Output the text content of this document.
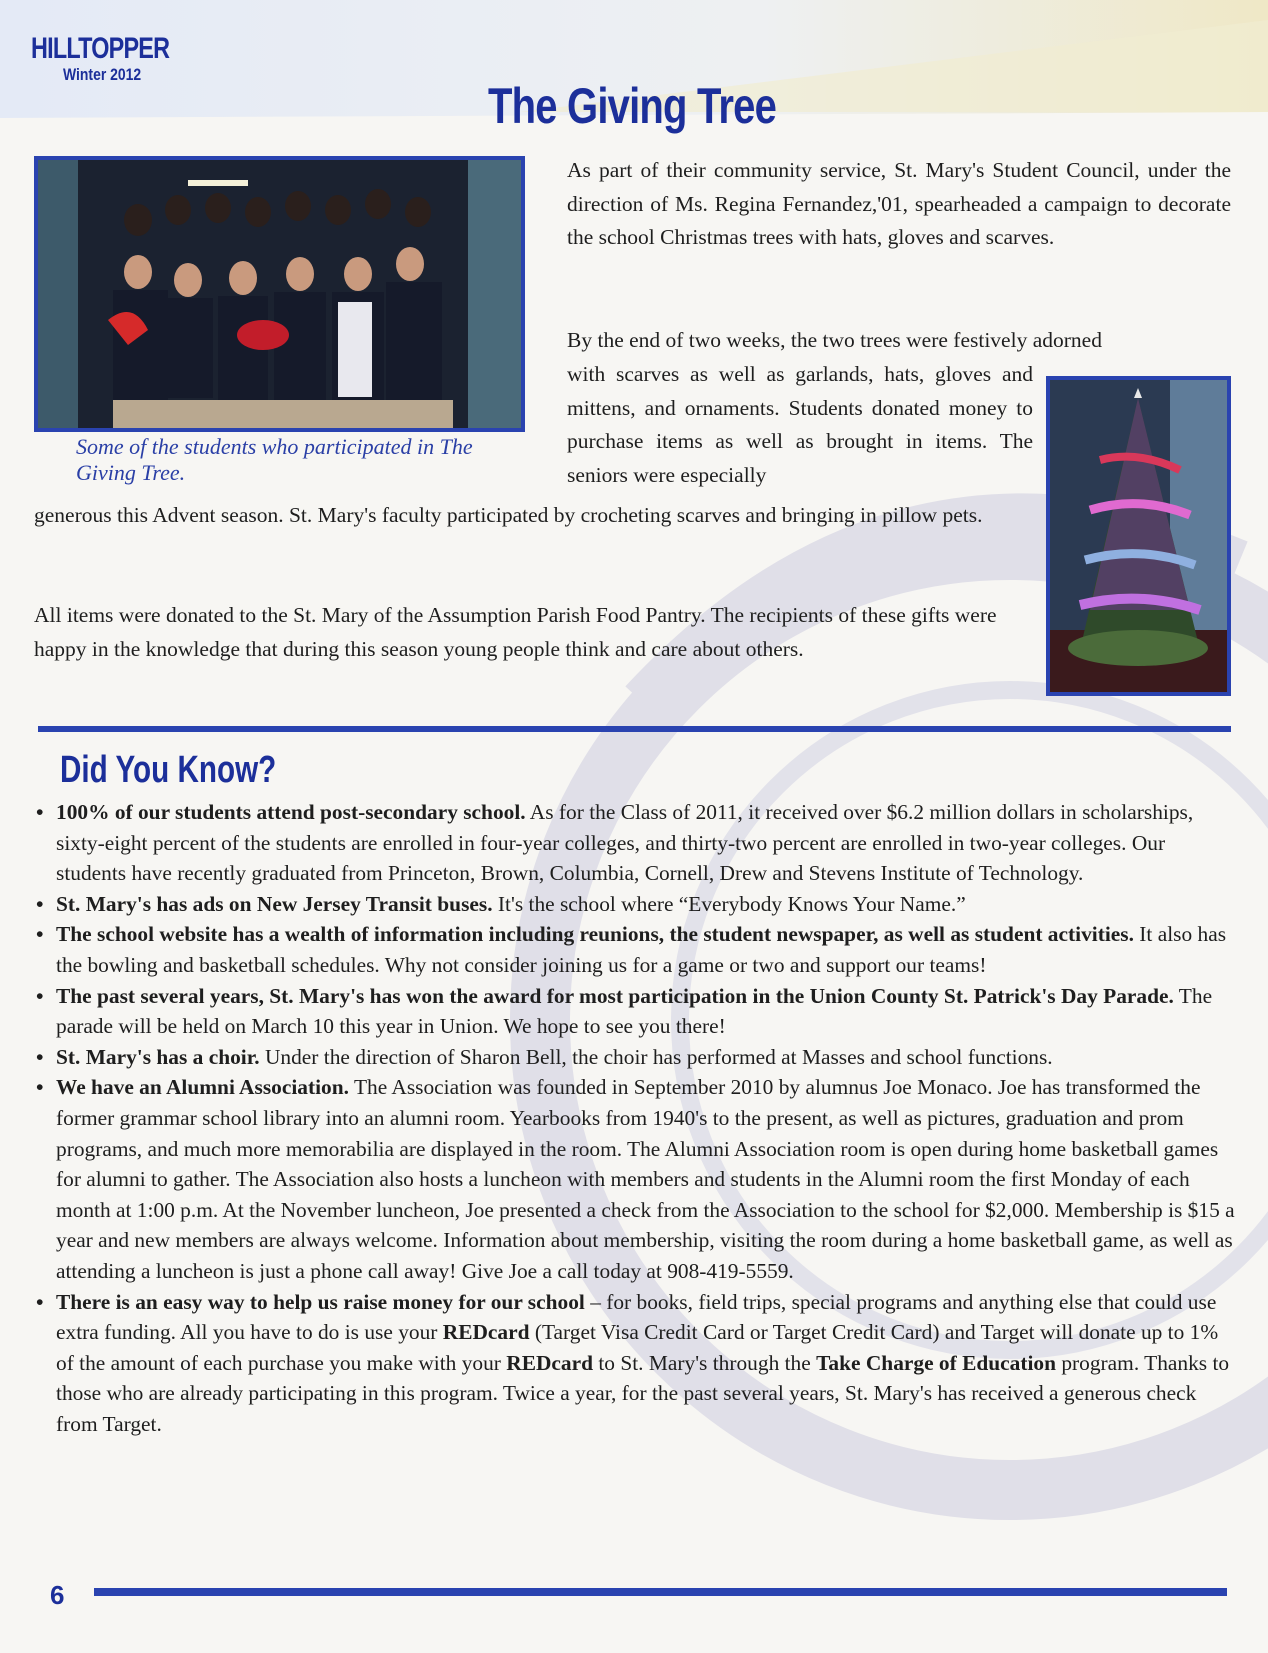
HILLTOPPER
Winter 2012
The Giving Tree
Some of the students who participated in The Giving Tree.
As part of their community service, St. Mary's Student Council, under the direction of Ms. Regina Fernandez,'01, spearheaded a campaign to decorate the school Christmas trees with hats, gloves and scarves.
By the end of two weeks, the two trees were festively adorned
with scarves as well as garlands, hats, gloves and mittens, and ornaments. Students donated money to purchase items as well as brought in items. The seniors were especially
generous this Advent season. St. Mary's faculty participated by crocheting scarves and bringing in pillow pets.
All items were donated to the St. Mary of the Assumption Parish Food Pantry. The recipients of these gifts were happy in the knowledge that during this season young people think and care about others.
Did You Know?
• 100% of our students attend post-secondary school. As for the Class of 2011, it received over $6.2 million dollars in scholarships, sixty-eight percent of the students are enrolled in four-year colleges, and thirty-two percent are enrolled in two-year colleges. Our students have recently graduated from Princeton, Brown, Columbia, Cornell, Drew and Stevens Institute of Technology.
• St. Mary's has ads on New Jersey Transit buses. It's the school where “Everybody Knows Your Name.”
• The school website has a wealth of information including reunions, the student newspaper, as well as student activities. It also has the bowling and basketball schedules. Why not consider joining us for a game or two and support our teams!
• The past several years, St. Mary's has won the award for most participation in the Union County St. Patrick's Day Parade. The parade will be held on March 10 this year in Union. We hope to see you there!
• St. Mary's has a choir. Under the direction of Sharon Bell, the choir has performed at Masses and school functions.
• We have an Alumni Association. The Association was founded in September 2010 by alumnus Joe Monaco. Joe has transformed the former grammar school library into an alumni room. Yearbooks from 1940's to the present, as well as pictures, graduation and prom programs, and much more memorabilia are displayed in the room. The Alumni Association room is open during home basketball games for alumni to gather. The Association also hosts a luncheon with members and students in the Alumni room the first Monday of each month at 1:00 p.m. At the November luncheon, Joe presented a check from the Association to the school for $2,000. Membership is $15 a year and new members are always welcome. Information about membership, visiting the room during a home basketball game, as well as attending a luncheon is just a phone call away! Give Joe a call today at 908-419-5559.
• There is an easy way to help us raise money for our school – for books, field trips, special programs and anything else that could use extra funding. All you have to do is use your REDcard (Target Visa Credit Card or Target Credit Card) and Target will donate up to 1% of the amount of each purchase you make with your REDcard to St. Mary's through the Take Charge of Education program. Thanks to those who are already participating in this program. Twice a year, for the past several years, St. Mary's has received a generous check from Target.
6
